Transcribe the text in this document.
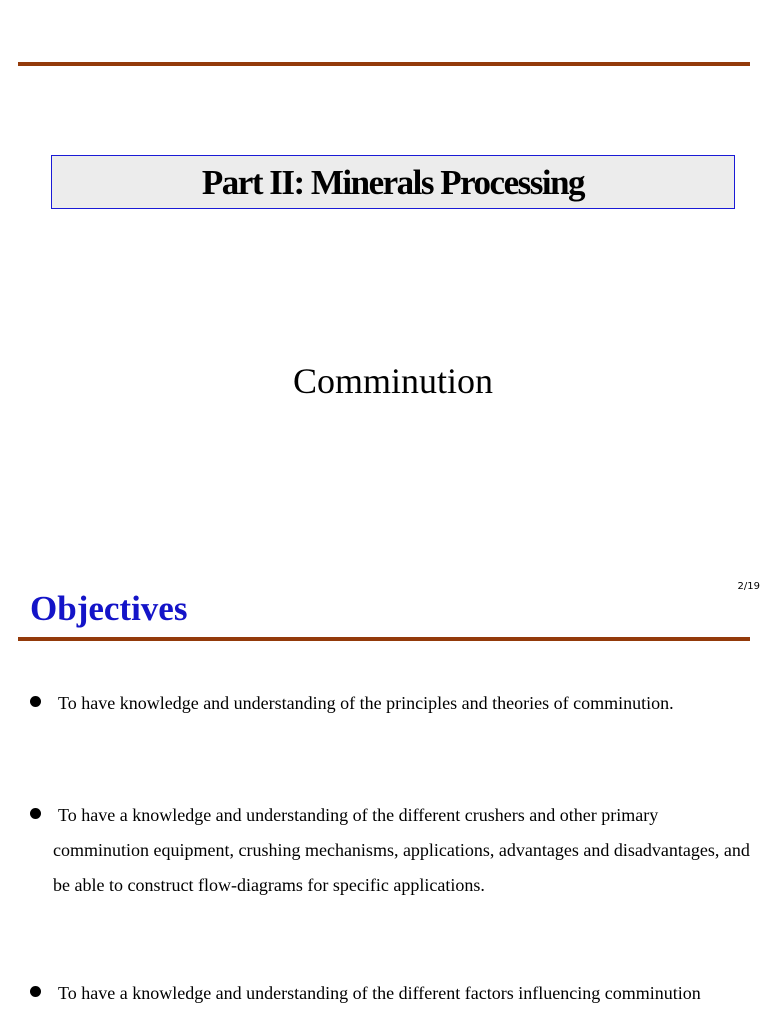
Part II: Minerals Processing
Comminution
2/19
Objectives
To have knowledge and understanding of the principles and theories of comminution.
To have a knowledge and understanding of the different crushers and other primary comminution equipment, crushing mechanisms, applications, advantages and disadvantages, and be able to construct flow-diagrams for specific applications.
To have a knowledge and understanding of the different factors influencing comminution
